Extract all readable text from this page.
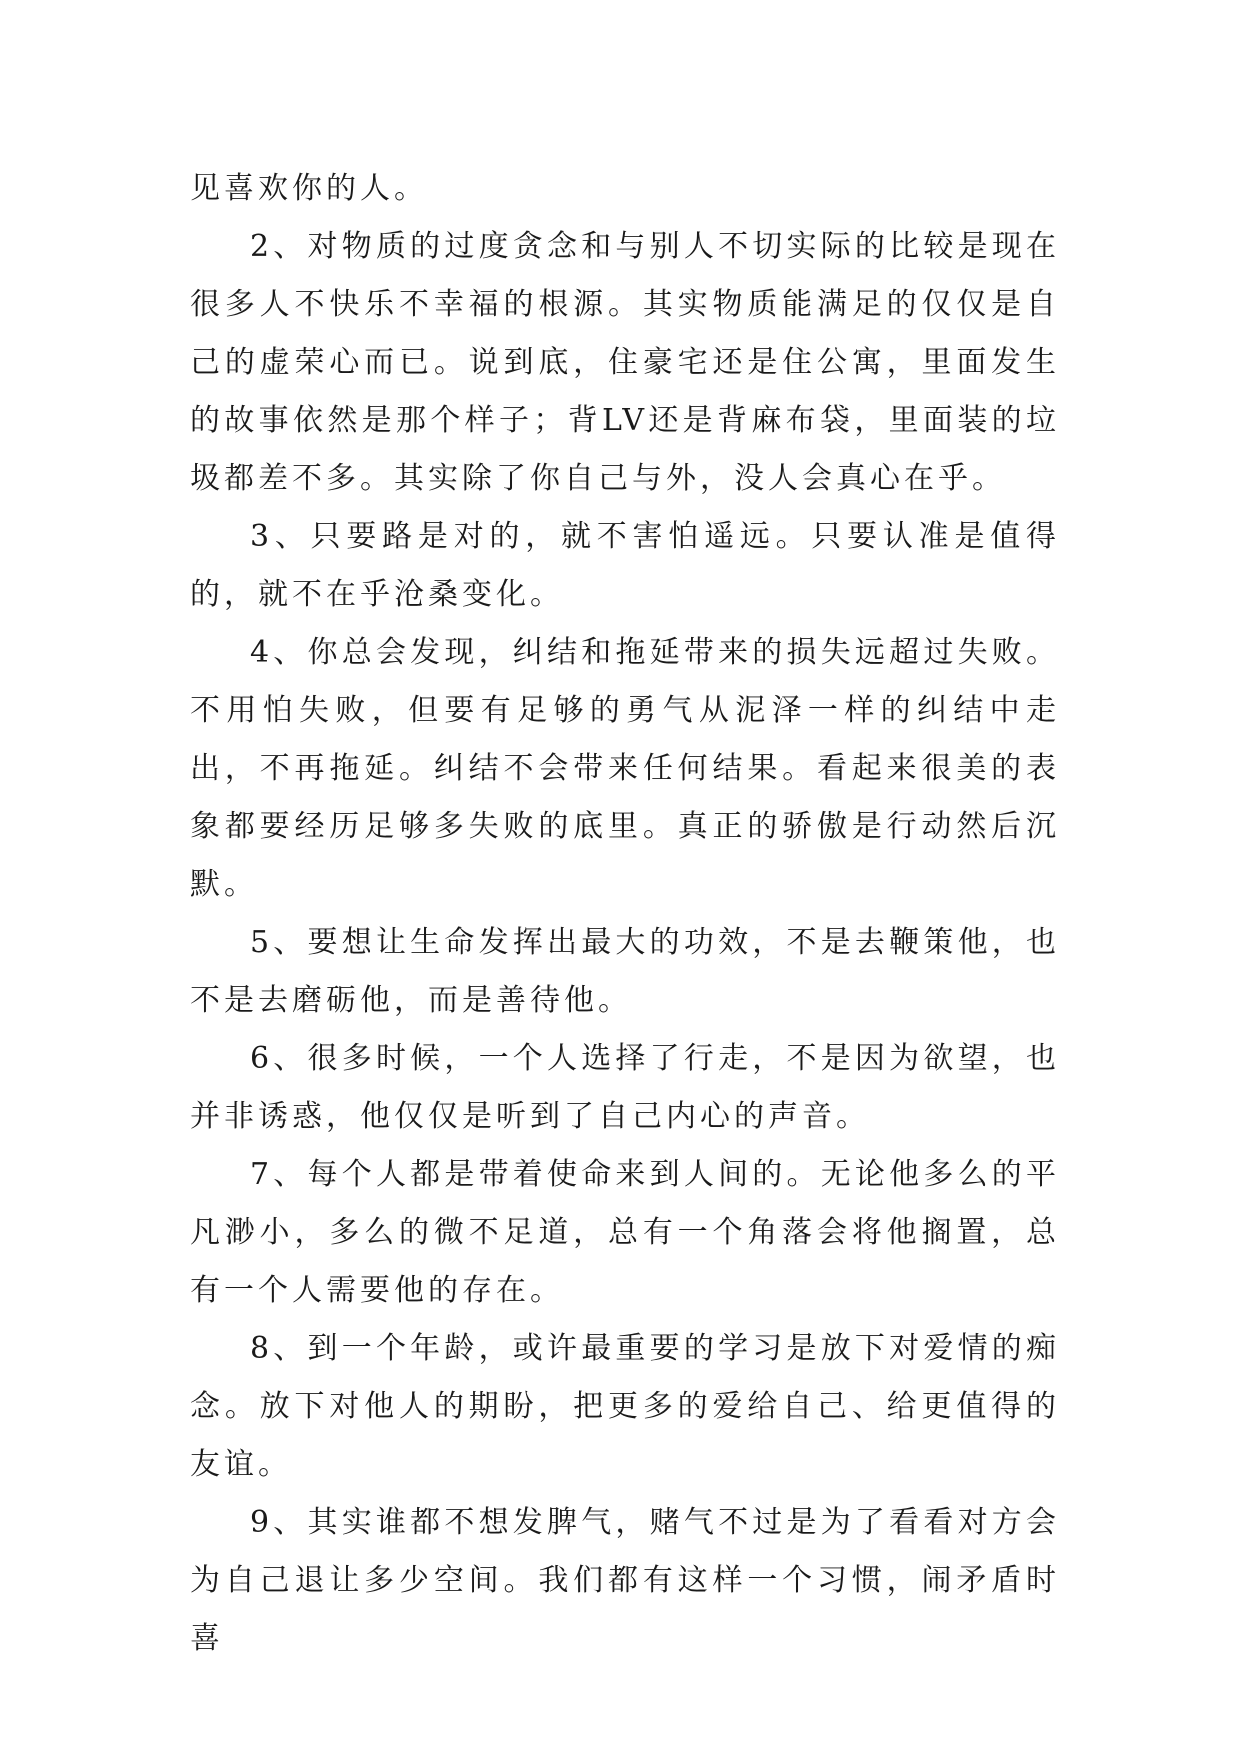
见喜欢你的人。

2、对物质的过度贪念和与别人不切实际的比较是现在很多人不快乐不幸福的根源。其实物质能满足的仅仅是自己的虚荣心而已。说到底，住豪宅还是住公寓，里面发生的故事依然是那个样子；背LV还是背麻布袋，里面装的垃圾都差不多。其实除了你自己与外，没人会真心在乎。

3、只要路是对的，就不害怕遥远。只要认准是值得的，就不在乎沧桑变化。

4、你总会发现，纠结和拖延带来的损失远超过失败。不用怕失败，但要有足够的勇气从泥泽一样的纠结中走出，不再拖延。纠结不会带来任何结果。看起来很美的表象都要经历足够多失败的底里。真正的骄傲是行动然后沉默。

5、要想让生命发挥出最大的功效，不是去鞭策他，也不是去磨砺他，而是善待他。

6、很多时候，一个人选择了行走，不是因为欲望，也并非诱惑，他仅仅是听到了自己内心的声音。

7、每个人都是带着使命来到人间的。无论他多么的平凡渺小，多么的微不足道，总有一个角落会将他搁置，总有一个人需要他的存在。

8、到一个年龄，或许最重要的学习是放下对爱情的痴念。放下对他人的期盼，把更多的爱给自己、给更值得的友谊。

9、其实谁都不想发脾气，赌气不过是为了看看对方会为自己退让多少空间。我们都有这样一个习惯，闹矛盾时喜
